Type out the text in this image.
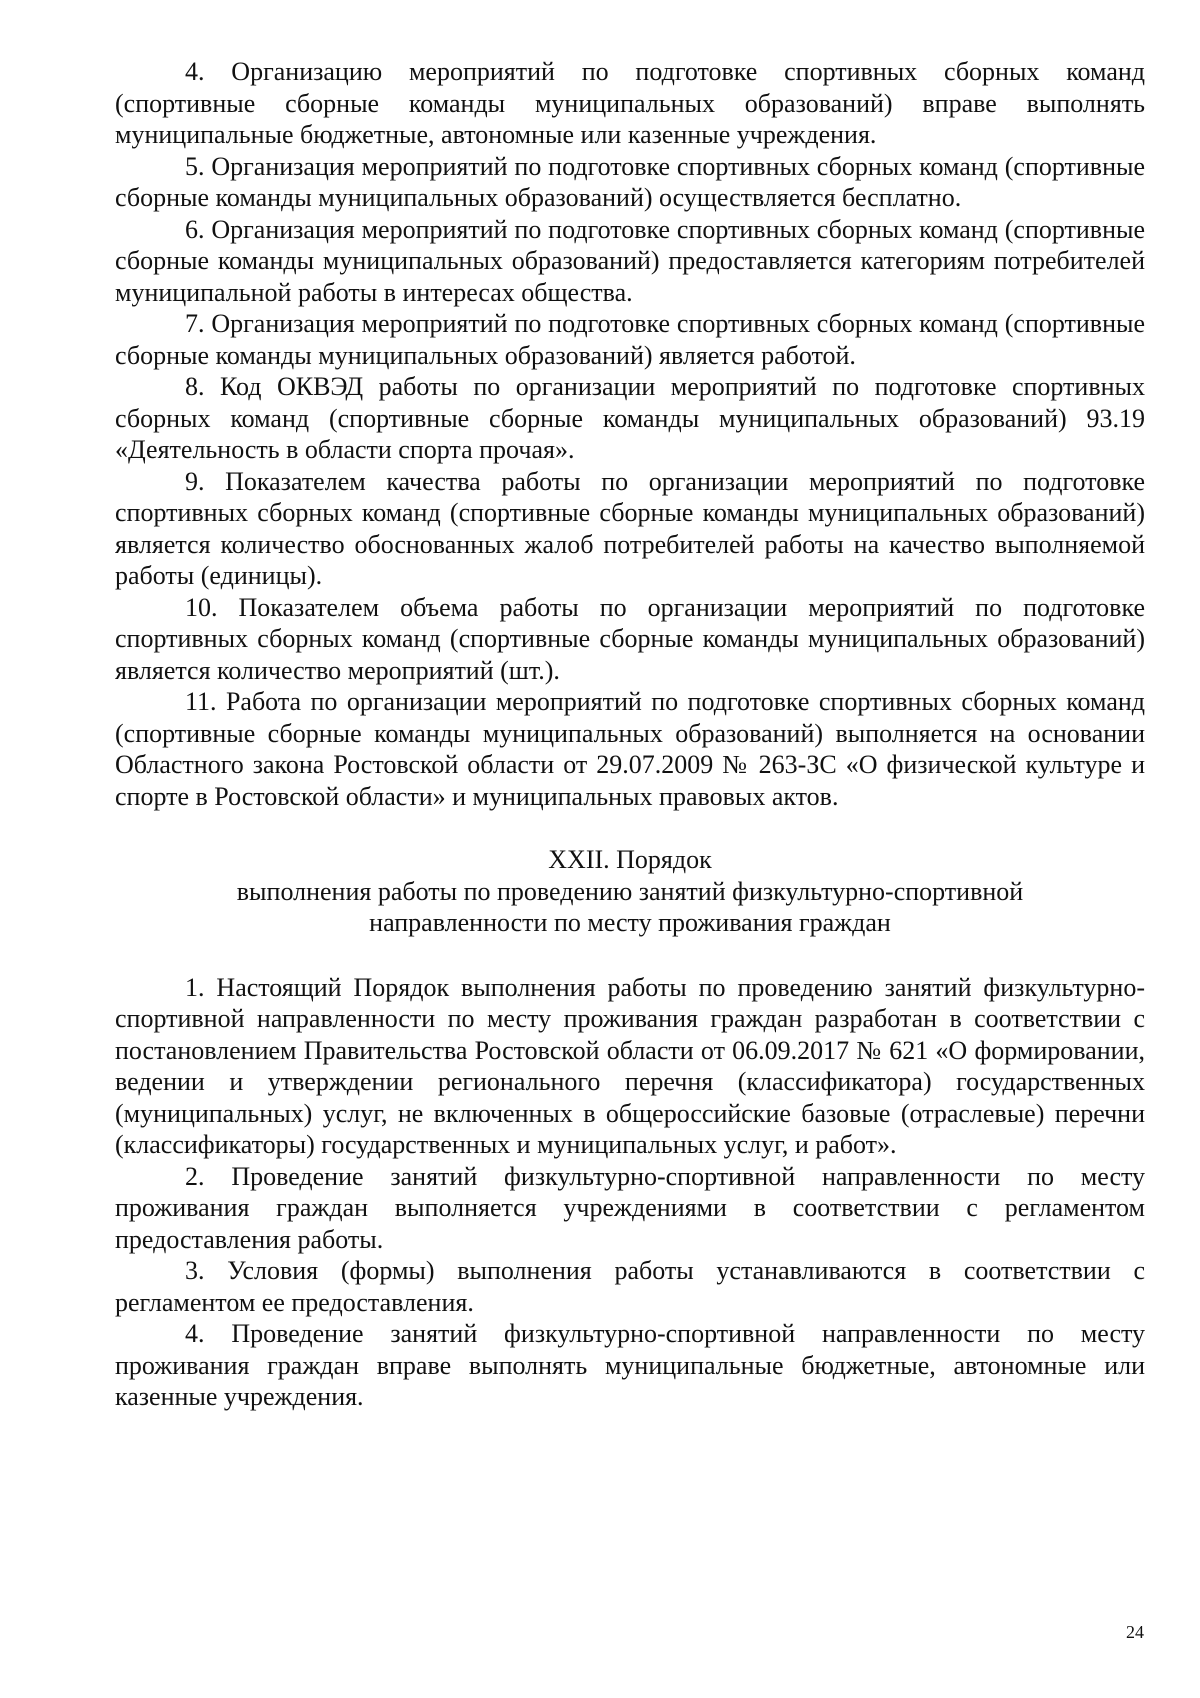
4. Организацию мероприятий по подготовке спортивных сборных команд (спортивные сборные команды муниципальных образований) вправе выполнять муниципальные бюджетные, автономные или казенные учреждения.

5. Организация мероприятий по подготовке спортивных сборных команд (спортивные сборные команды муниципальных образований) осуществляется бесплатно.

6. Организация мероприятий по подготовке спортивных сборных команд (спортивные сборные команды муниципальных образований) предоставляется категориям потребителей муниципальной работы в интересах общества.

7. Организация мероприятий по подготовке спортивных сборных команд (спортивные сборные команды муниципальных образований) является работой.

8. Код ОКВЭД работы по организации мероприятий по подготовке спортивных сборных команд (спортивные сборные команды муниципальных образований) 93.19 «Деятельность в области спорта прочая».

9. Показателем качества работы по организации мероприятий по подготовке спортивных сборных команд (спортивные сборные команды муниципальных образований) является количество обоснованных жалоб потребителей работы на качество выполняемой работы (единицы).

10. Показателем объема работы по организации мероприятий по подготовке спортивных сборных команд (спортивные сборные команды муниципальных образований) является количество мероприятий (шт.).

11. Работа по организации мероприятий по подготовке спортивных сборных команд (спортивные сборные команды муниципальных образований) выполняется на основании Областного закона Ростовской области от 29.07.2009 № 263-ЗС «О физической культуре и спорте в Ростовской области» и муниципальных правовых актов.

XXII. Порядок
выполнения работы по проведению занятий физкультурно-спортивной
направленности по месту проживания граждан

1. Настоящий Порядок выполнения работы по проведению занятий физкультурно-спортивной направленности по месту проживания граждан разработан в соответствии с постановлением Правительства Ростовской области от 06.09.2017 № 621 «О формировании, ведении и утверждении регионального перечня (классификатора) государственных (муниципальных) услуг, не включенных в общероссийские базовые (отраслевые) перечни (классификаторы) государственных и муниципальных услуг, и работ».

2. Проведение занятий физкультурно-спортивной направленности по месту проживания граждан выполняется учреждениями в соответствии с регламентом предоставления работы.

3. Условия (формы) выполнения работы устанавливаются в соответствии с регламентом ее предоставления.

4. Проведение занятий физкультурно-спортивной направленности по месту проживания граждан вправе выполнять муниципальные бюджетные, автономные или казенные учреждения.

24
